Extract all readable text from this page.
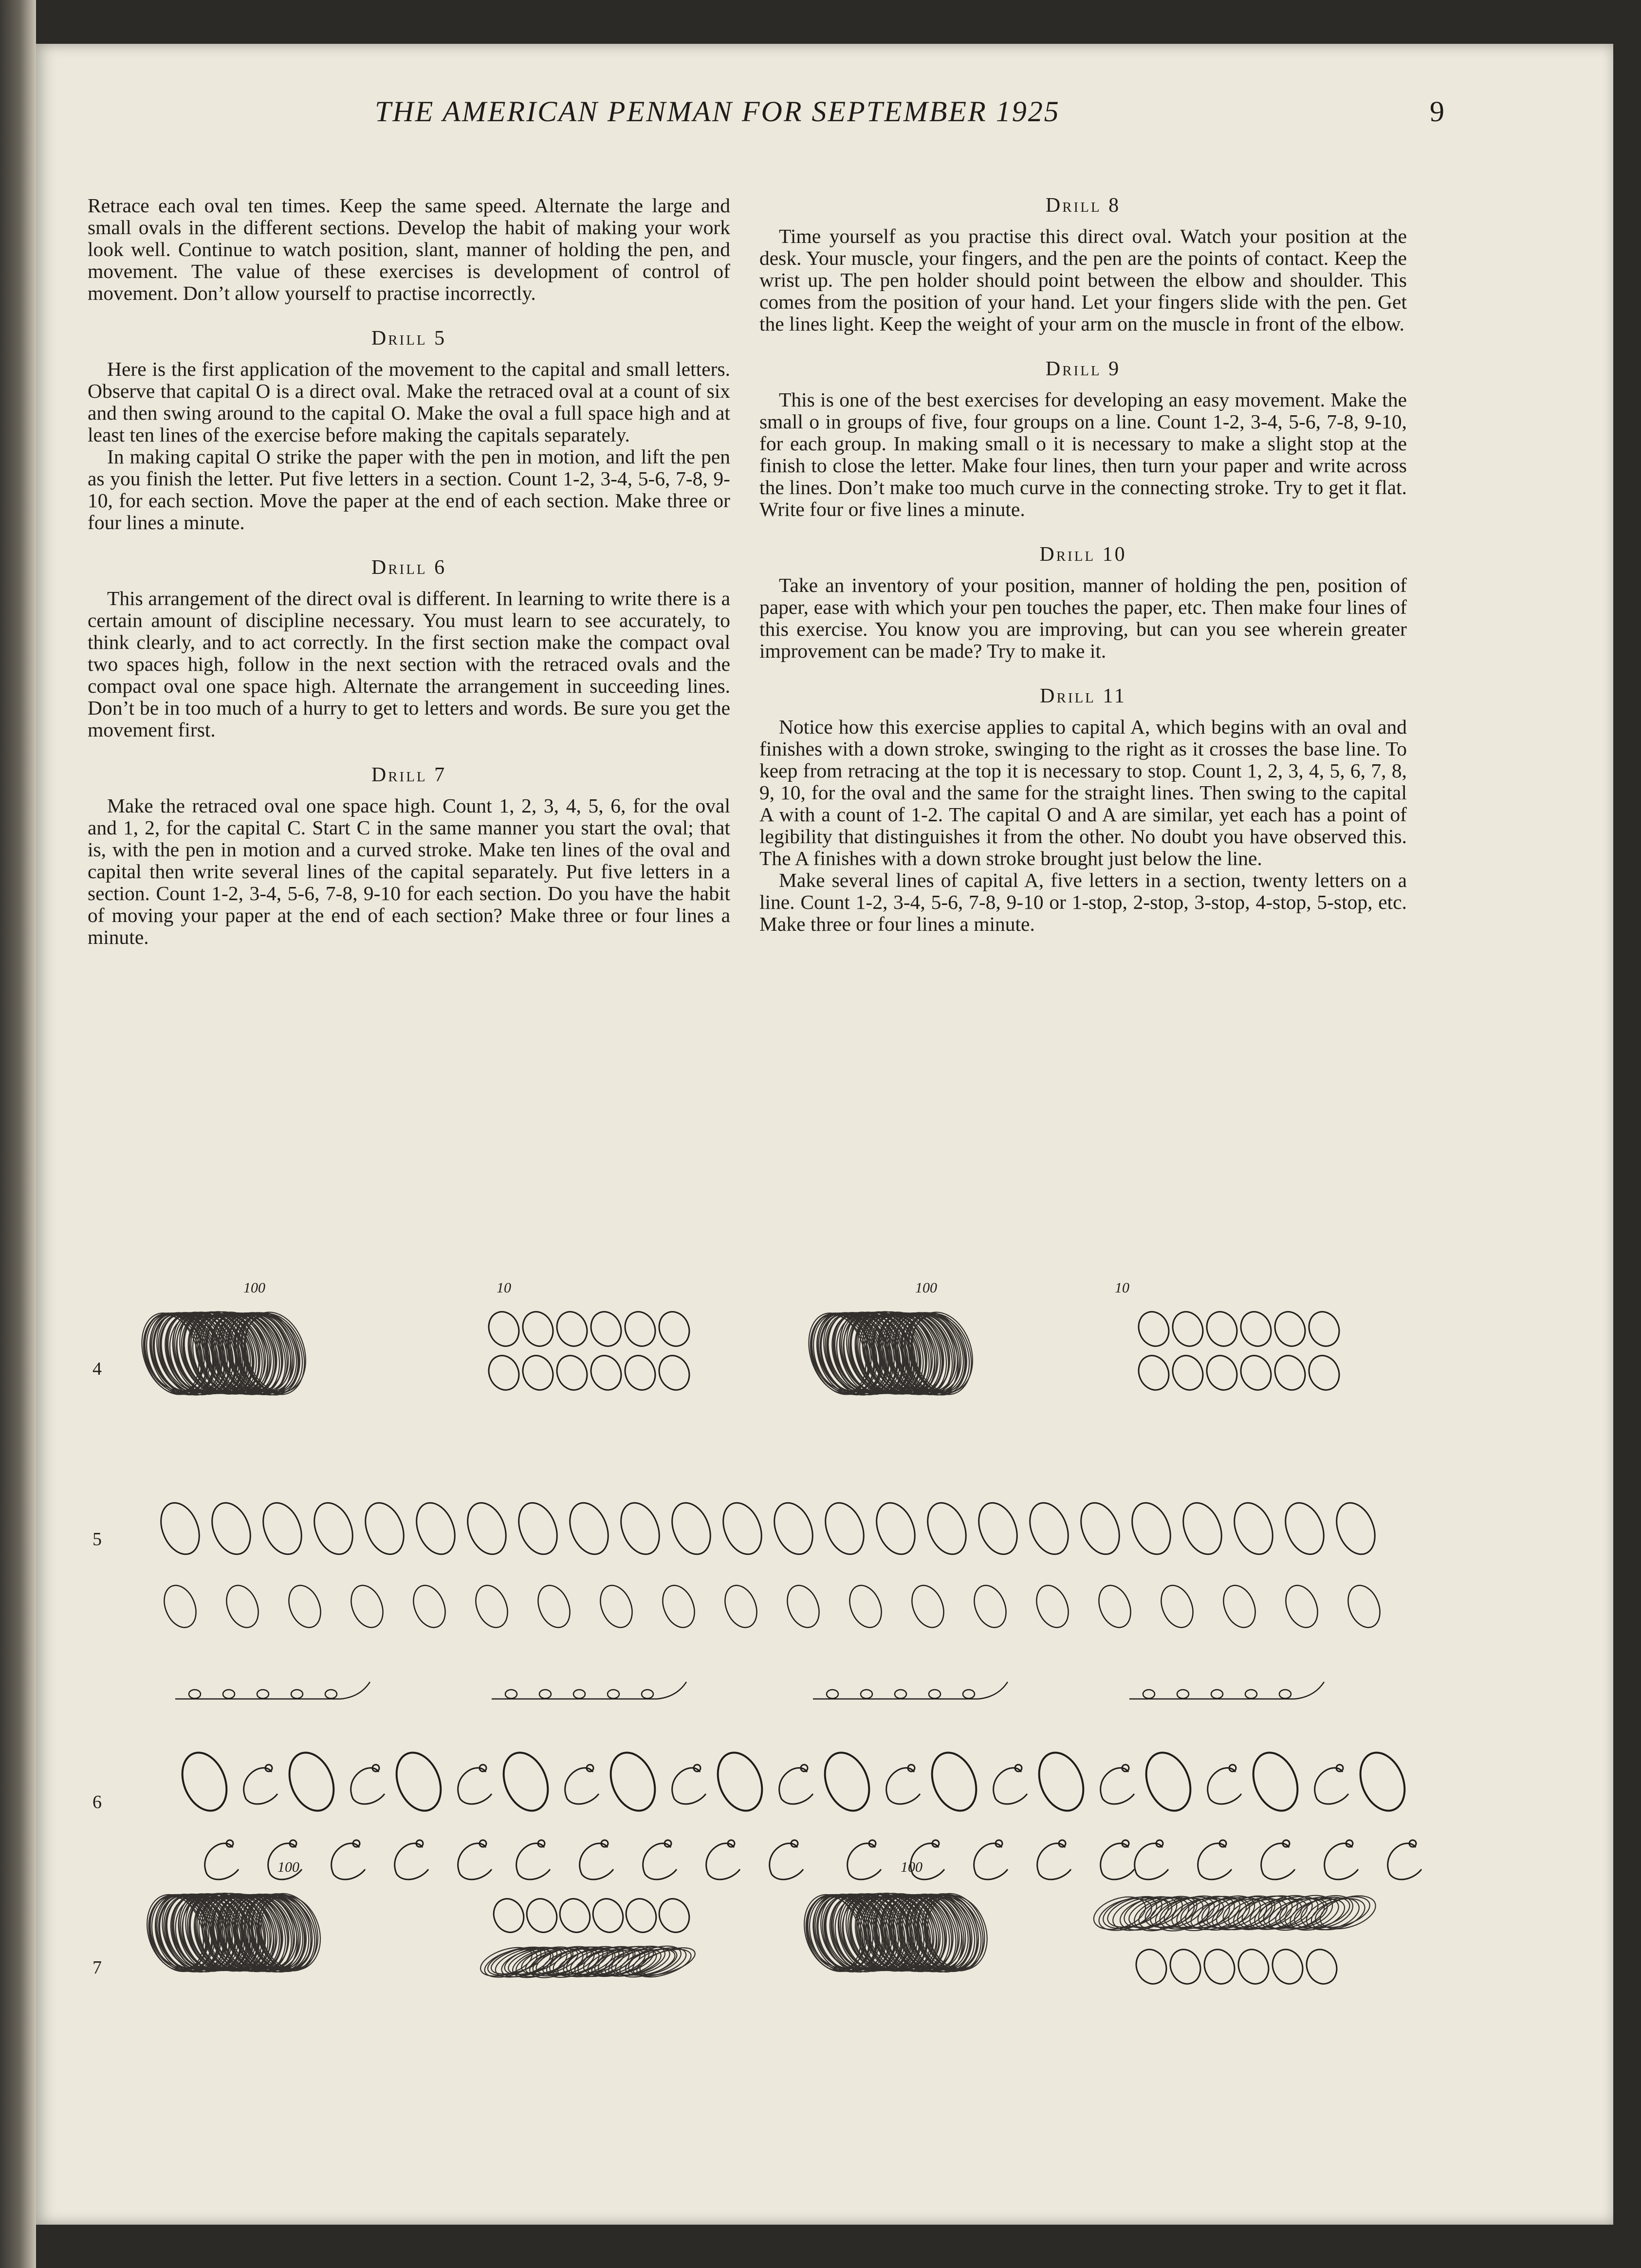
THE AMERICAN PENMAN FOR SEPTEMBER 1925	9

Retrace each oval ten times. Keep the same speed. Alternate the large and small ovals in the different sections. Develop the habit of making your work look well. Continue to watch position, slant, manner of holding the pen, and movement. The value of these exercises is development of control of movement. Don’t allow yourself to practise incorrectly.

Drill 5

Here is the first application of the movement to the capital and small letters. Observe that capital O is a direct oval. Make the retraced oval at a count of six and then swing around to the capital O. Make the oval a full space high and at least ten lines of the exercise before making the capitals separately.

In making capital O strike the paper with the pen in motion, and lift the pen as you finish the letter. Put five letters in a section. Count 1-2, 3-4, 5-6, 7-8, 9-10, for each section. Move the paper at the end of each section. Make three or four lines a minute.

Drill 6

This arrangement of the direct oval is different. In learning to write there is a certain amount of discipline necessary. You must learn to see accurately, to think clearly, and to act correctly. In the first section make the compact oval two spaces high, follow in the next section with the retraced ovals and the compact oval one space high. Alternate the arrangement in succeeding lines. Don’t be in too much of a hurry to get to letters and words. Be sure you get the movement first.

Drill 7

Make the retraced oval one space high. Count 1, 2, 3, 4, 5, 6, for the oval and 1, 2, for the capital C. Start C in the same manner you start the oval; that is, with the pen in motion and a curved stroke. Make ten lines of the oval and capital then write several lines of the capital separately. Put five letters in a section. Count 1-2, 3-4, 5-6, 7-8, 9-10 for each section. Do you have the habit of moving your paper at the end of each section? Make three or four lines a minute.

Drill 8

Time yourself as you practise this direct oval. Watch your position at the desk. Your muscle, your fingers, and the pen are the points of contact. Keep the wrist up. The pen holder should point between the elbow and shoulder. This comes from the position of your hand. Let your fingers slide with the pen. Get the lines light. Keep the weight of your arm on the muscle in front of the elbow.

Drill 9

This is one of the best exercises for developing an easy movement. Make the small o in groups of five, four groups on a line. Count 1-2, 3-4, 5-6, 7-8, 9-10, for each group. In making small o it is necessary to make a slight stop at the finish to close the letter. Make four lines, then turn your paper and write across the lines. Don’t make too much curve in the connecting stroke. Try to get it flat. Write four or five lines a minute.

Drill 10

Take an inventory of your position, manner of holding the pen, position of paper, ease with which your pen touches the paper, etc. Then make four lines of this exercise. You know you are improving, but can you see wherein greater improvement can be made? Try to make it.

Drill 11

Notice how this exercise applies to capital A, which begins with an oval and finishes with a down stroke, swinging to the right as it crosses the base line. To keep from retracing at the top it is necessary to stop. Count 1, 2, 3, 4, 5, 6, 7, 8, 9, 10, for the oval and the same for the straight lines. Then swing to the capital A with a count of 1-2. The capital O and A are similar, yet each has a point of legibility that distinguishes it from the other. No doubt you have observed this. The A finishes with a down stroke brought just below the line.

Make several lines of capital A, five letters in a section, twenty letters on a line. Count 1-2, 3-4, 5-6, 7-8, 9-10 or 1-stop, 2-stop, 3-stop, 4-stop, 5-stop, etc. Make three or four lines a minute.

4
5
6
7
100	10	100	10
100	100
